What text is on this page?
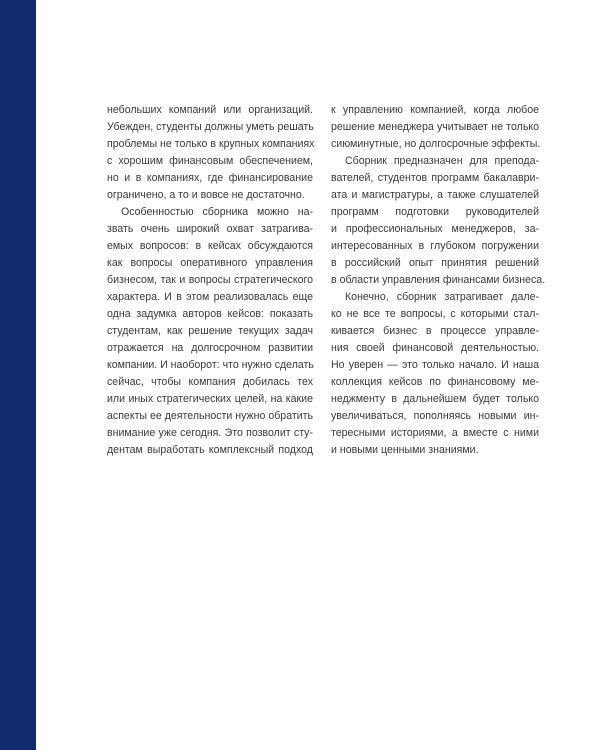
небольших компаний или организаций.
Убежден, студенты должны уметь решать
проблемы не только в крупных компаниях
с хорошим финансовым обеспечением,
но и в компаниях, где финансирование
ограничено, а то и вовсе не достаточно.
Особенностью сборника можно на-
звать очень широкий охват затрагива-
емых вопросов: в кейсах обсуждаются
как вопросы оперативного управления
бизнесом, так и вопросы стратегического
характера. И в этом реализовалась еще
одна задумка авторов кейсов: показать
студентам, как решение текущих задач
отражается на долгосрочном развитии
компании. И наоборот: что нужно сделать
сейчас, чтобы компания добилась тех
или иных стратегических целей, на какие
аспекты ее деятельности нужно обратить
внимание уже сегодня. Это позволит сту-
дентам выработать комплексный подход
к управлению компанией, когда любое
решение менеджера учитывает не только
сиюминутные, но долгосрочные эффекты.
Сборник предназначен для препода-
вателей, студентов программ бакалаври-
ата и магистратуры, а также слушателей
программ подготовки руководителей
и профессиональных менеджеров, за-
интересованных в глубоком погружении
в российский опыт принятия решений
в области управления финансами бизнеса.
Конечно, сборник затрагивает дале-
ко не все те вопросы, с которыми стал-
кивается бизнес в процессе управле-
ния своей финансовой деятельностью.
Но уверен — это только начало. И наша
коллекция кейсов по финансовому ме-
неджменту в дальнейшем будет только
увеличиваться, пополняясь новыми ин-
тересными историями, а вместе с ними
и новыми ценными знаниями.
